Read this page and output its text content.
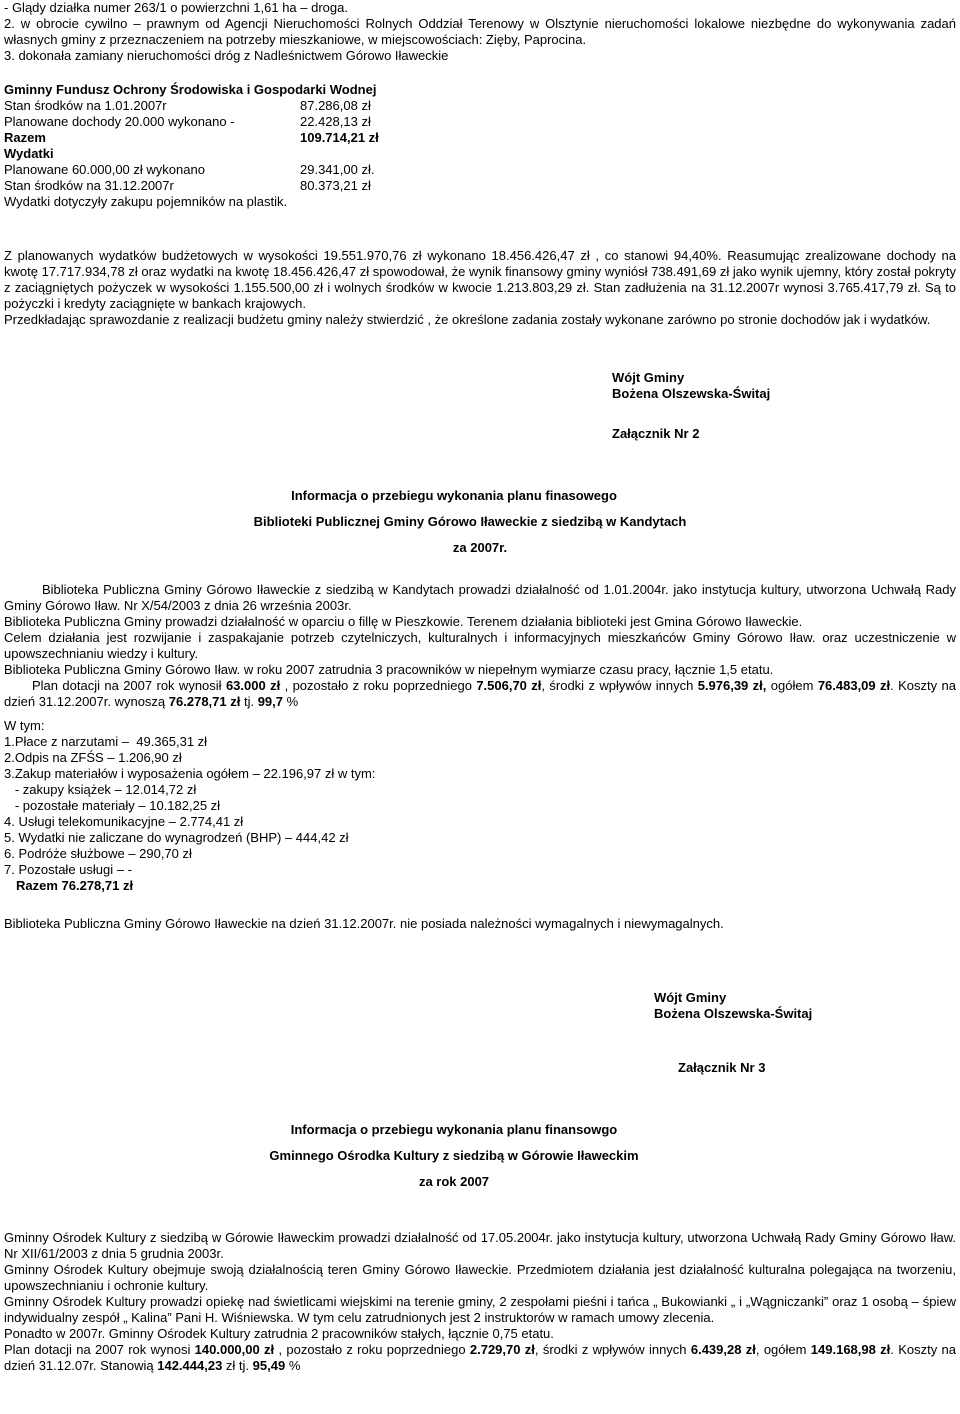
- Glądy działka numer 263/1 o powierzchni 1,61 ha – droga.

2. w obrocie cywilno – prawnym od Agencji Nieruchomości Rolnych Oddział Terenowy w Olsztynie nieruchomości lokalowe niezbędne do wykonywania zadań własnych gminy z przeznaczeniem na potrzeby mieszkaniowe, w miejscowościach: Zięby, Paprocina.

3. dokonała zamiany nieruchomości dróg z Nadleśnictwem Górowo Iławeckie

Gminny Fundusz Ochrony Środowiska i Gospodarki Wodnej

Stan środków na 1.01.2007r	87.286,08 zł
Planowane dochody 20.000 wykonano -	22.428,13 zł
Razem	109.714,21 zł

Wydatki

Planowane 60.000,00 zł wykonano	29.341,00 zł.
Stan środków na 31.12.2007r	80.373,21 zł

Wydatki dotyczyły zakupu pojemników na plastik.

Z planowanych wydatków budżetowych w wysokości 19.551.970,76 zł wykonano 18.456.426,47 zł , co stanowi 94,40%. Reasumując zrealizowane dochody na kwotę 17.717.934,78 zł oraz wydatki na kwotę 18.456.426,47 zł spowodował, że wynik finansowy gminy wyniósł 738.491,69 zł jako wynik ujemny, który został pokryty z zaciągniętych pożyczek w wysokości 1.155.500,00 zł i wolnych środków w kwocie 1.213.803,29 zł. Stan zadłużenia na 31.12.2007r wynosi 3.765.417,79 zł. Są to pożyczki i kredyty zaciągnięte w bankach krajowych.

Przedkładając sprawozdanie z realizacji budżetu gminy należy stwierdzić , że określone zadania zostały wykonane zarówno po stronie dochodów jak i wydatków.

Wójt Gminy
Bożena Olszewska-Świtaj
Załącznik Nr 2
Informacja o przebiegu wykonania planu finasowego
Biblioteki Publicznej Gminy Górowo Iławeckie z siedzibą w Kandytach
za 2007r.

Biblioteka Publiczna Gminy Górowo Iławeckie z siedzibą w Kandytach prowadzi działalność od 1.01.2004r. jako instytucja kultury, utworzona Uchwałą Rady Gminy Górowo Iław. Nr X/54/2003 z dnia 26 września 2003r.

Biblioteka Publiczna Gminy prowadzi działalność w oparciu o fillę w Pieszkowie. Terenem działania biblioteki jest Gmina Górowo Iławeckie.

Celem działania jest rozwijanie i zaspakajanie potrzeb czytelniczych, kulturalnych i informacyjnych mieszkańców Gminy Górowo Iław. oraz uczestniczenie w upowszechnianiu wiedzy i kultury.

Biblioteka Publiczna Gminy Górowo Iław. w roku 2007 zatrudnia 3 pracowników w niepełnym wymiarze czasu pracy, łącznie 1,5 etatu.

Plan dotacji na 2007 rok wynosił 63.000 zł , pozostało z roku poprzedniego 7.506,70 zł, środki z wpływów innych 5.976,39 zł, ogółem 76.483,09 zł. Koszty na dzień 31.12.2007r. wynoszą 76.278,71 zł tj. 99,7 %

W tym:
1.Płace z narzutami –  49.365,31 zł
2.Odpis na ZFŚS – 1.206,90 zł
3.Zakup materiałów i wyposażenia ogółem – 22.196,97 zł w tym:
- zakupy książek – 12.014,72 zł
- pozostałe materiały – 10.182,25 zł
4. Usługi telekomunikacyjne – 2.774,41 zł
5. Wydatki nie zaliczane do wynagrodzeń (BHP) – 444,42 zł
6. Podróże służbowe – 290,70 zł
7. Pozostałe usługi – -
Razem 76.278,71 zł

Biblioteka Publiczna Gminy Górowo Iławeckie na dzień 31.12.2007r. nie posiada należności wymagalnych i niewymagalnych.

Wójt Gminy
Bożena Olszewska-Świtaj
Załącznik Nr 3
Informacja o przebiegu wykonania planu finansowgo
Gminnego Ośrodka Kultury z siedzibą w Górowie Iławeckim
za rok 2007

Gminny Ośrodek Kultury z siedzibą w Górowie Iławeckim prowadzi działalność od 17.05.2004r. jako instytucja kultury, utworzona Uchwałą Rady Gminy Górowo Iław. Nr XII/61/2003 z dnia 5 grudnia 2003r.

Gminny Ośrodek Kultury obejmuje swoją działalnością teren Gminy Górowo Iławeckie. Przedmiotem działania jest działalność kulturalna polegająca na tworzeniu, upowszechnianiu i ochronie kultury.

Gminny Ośrodek Kultury prowadzi opiekę nad świetlicami wiejskimi na terenie gminy, 2 zespołami pieśni i tańca „ Bukowianki „ i „Wągniczanki” oraz 1 osobą – śpiew indywidualny zespół „ Kalina” Pani H. Wiśniewska. W tym celu zatrudnionych jest 2 instruktorów w ramach umowy zlecenia.

Ponadto w 2007r. Gminny Ośrodek Kultury zatrudnia 2 pracowników stałych, łącznie 0,75 etatu.

Plan dotacji na 2007 rok wynosi 140.000,00 zł , pozostało z roku poprzedniego 2.729,70 zł, środki z wpływów innych 6.439,28 zł, ogółem 149.168,98 zł. Koszty na dzień 31.12.07r. Stanowią 142.444,23 zł tj. 95,49 %
